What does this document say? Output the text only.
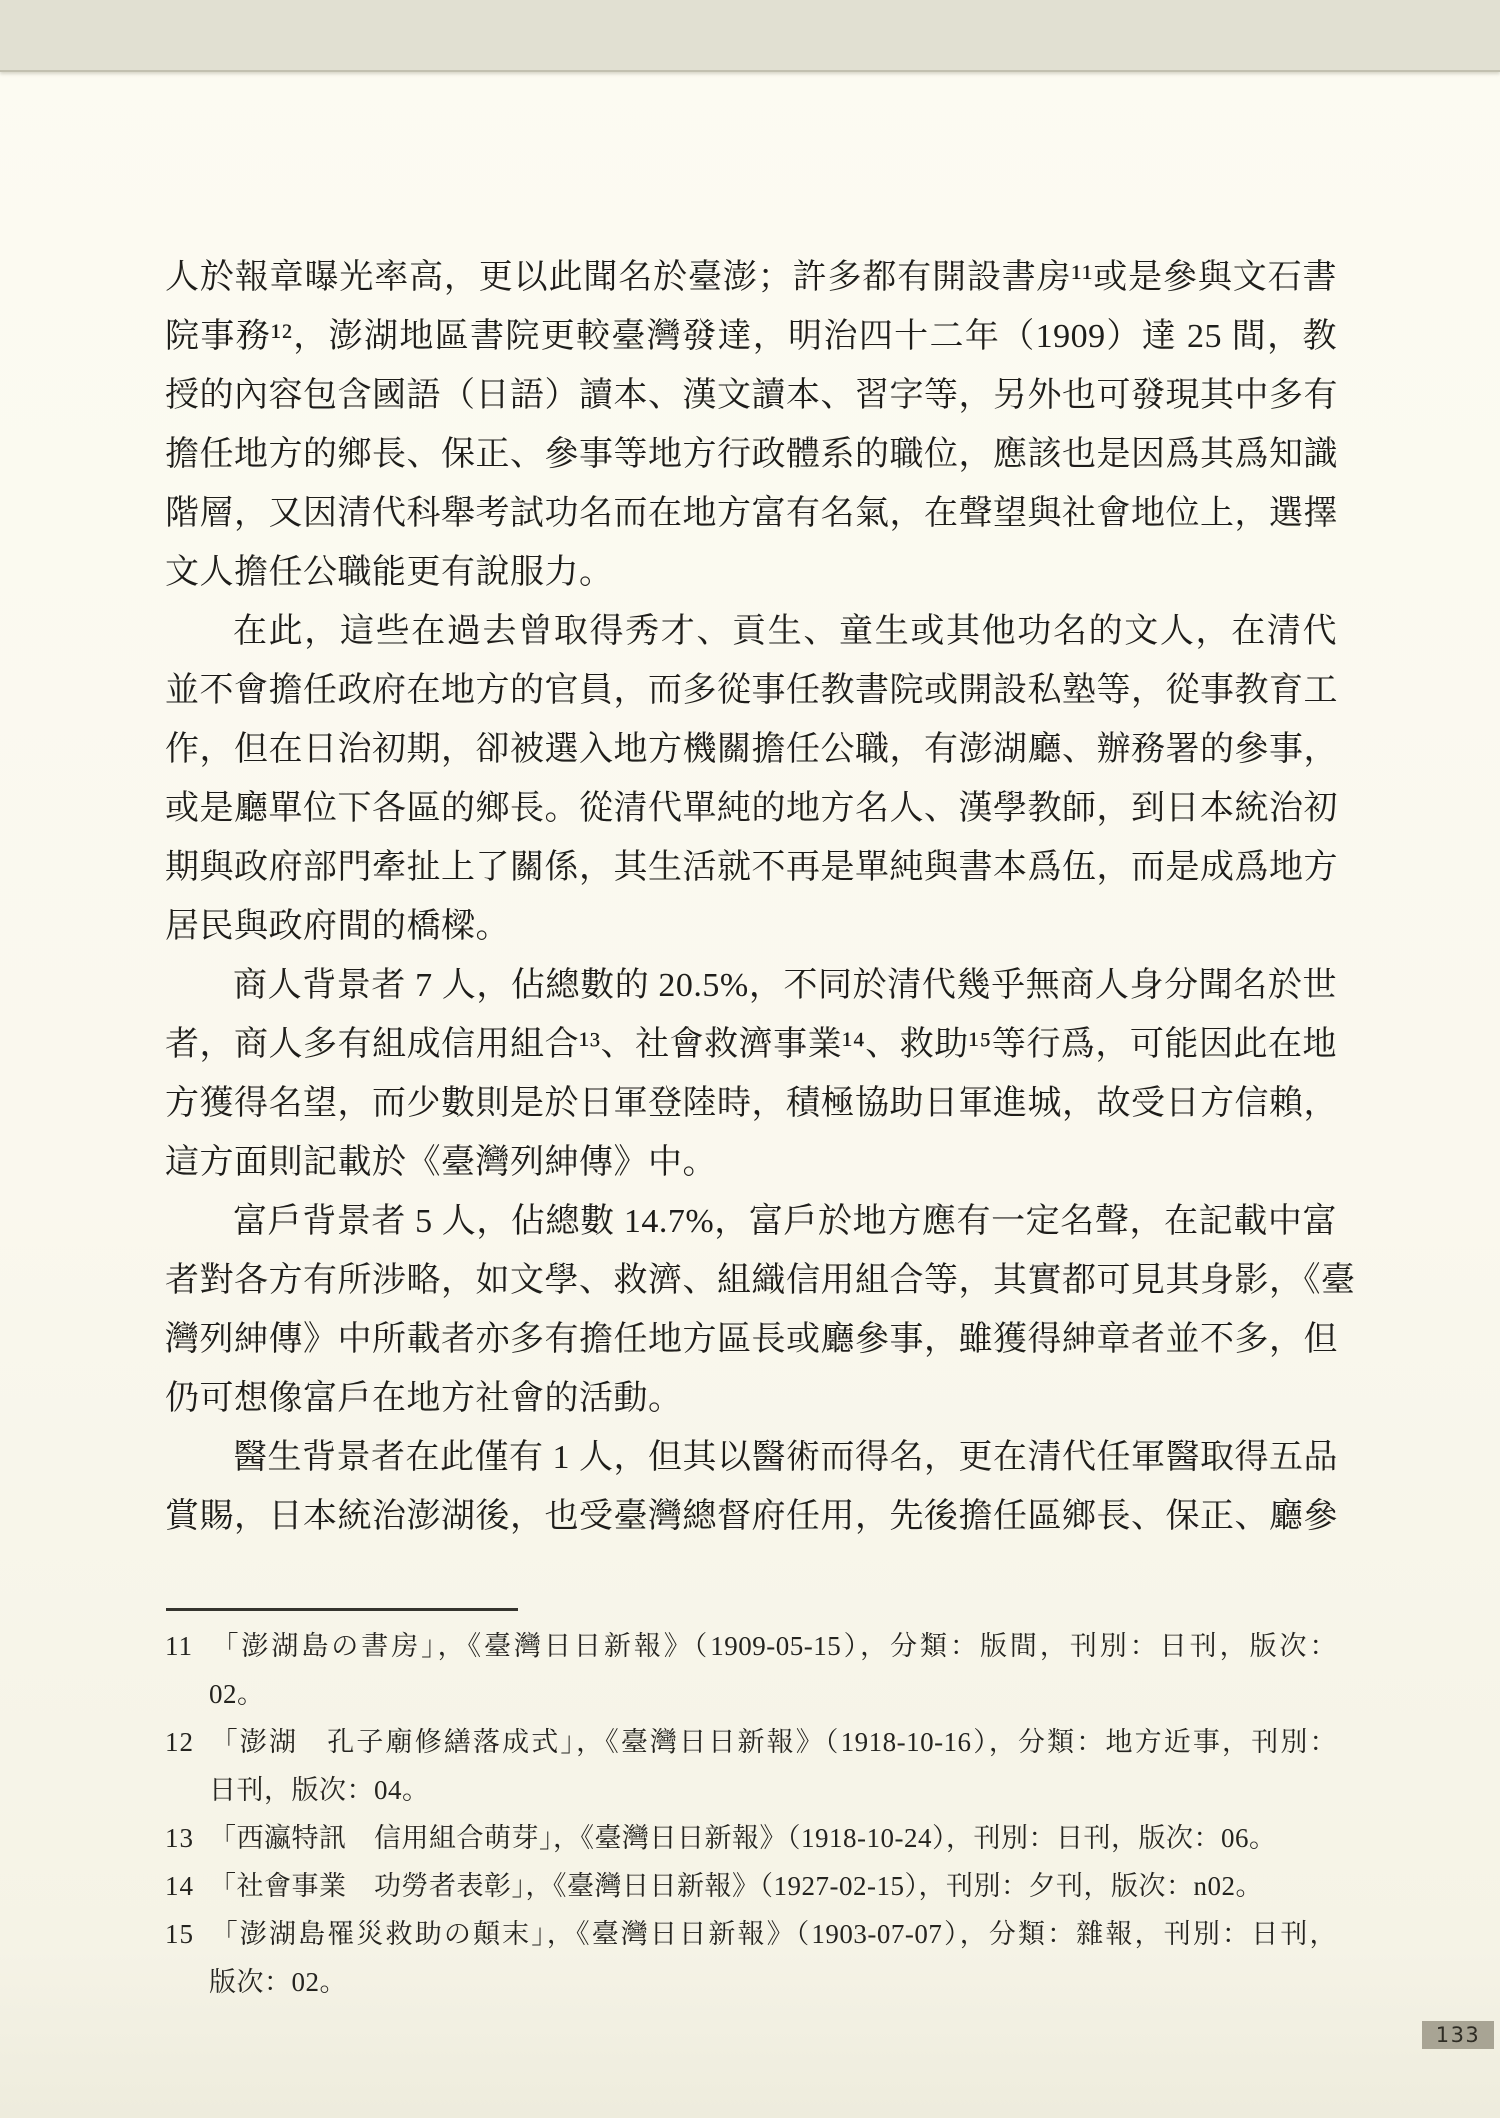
人於報章曝光率高，更以此聞名於臺澎；許多都有開設書房¹¹或是參與文石書
院事務¹²，澎湖地區書院更較臺灣發達，明治四十二年（1909）達 25 間，教
授的內容包含國語（日語）讀本、漢文讀本、習字等，另外也可發現其中多有
擔任地方的鄉長、保正、參事等地方行政體系的職位，應該也是因爲其爲知識
階層，又因清代科舉考試功名而在地方富有名氣，在聲望與社會地位上，選擇
文人擔任公職能更有說服力。
在此，這些在過去曾取得秀才、貢生、童生或其他功名的文人，在清代
並不會擔任政府在地方的官員，而多從事任教書院或開設私塾等，從事教育工
作，但在日治初期，卻被選入地方機關擔任公職，有澎湖廳、辦務署的參事，
或是廳單位下各區的鄉長。從清代單純的地方名人、漢學教師，到日本統治初
期與政府部門牽扯上了關係，其生活就不再是單純與書本爲伍，而是成爲地方
居民與政府間的橋樑。
商人背景者 7 人，佔總數的 20.5%，不同於清代幾乎無商人身分聞名於世
者，商人多有組成信用組合¹³、社會救濟事業¹⁴、救助¹⁵等行爲，可能因此在地
方獲得名望，而少數則是於日軍登陸時，積極協助日軍進城，故受日方信賴，
這方面則記載於《臺灣列紳傳》中。
富戶背景者 5 人，佔總數 14.7%，富戶於地方應有一定名聲，在記載中富
者對各方有所涉略，如文學、救濟、組織信用組合等，其實都可見其身影，《臺
灣列紳傳》中所載者亦多有擔任地方區長或廳參事，雖獲得紳章者並不多，但
仍可想像富戶在地方社會的活動。
醫生背景者在此僅有 1 人，但其以醫術而得名，更在清代任軍醫取得五品
賞賜，日本統治澎湖後，也受臺灣總督府任用，先後擔任區鄉長、保正、廳參
11 「澎湖島の書房」，《臺灣日日新報》（1909-05-15），分類：版間，刊別：日刊，版次：
02。
12 「澎湖　孔子廟修繕落成式」，《臺灣日日新報》（1918-10-16），分類：地方近事，刊別：
日刊，版次：04。
13 「西瀛特訊　信用組合萌芽」，《臺灣日日新報》（1918-10-24），刊別：日刊，版次：06。
14 「社會事業　功勞者表彰」，《臺灣日日新報》（1927-02-15），刊別：夕刊，版次：n02。
15 「澎湖島罹災救助の顛末」，《臺灣日日新報》（1903-07-07），分類：雜報，刊別：日刊，
版次：02。
133
